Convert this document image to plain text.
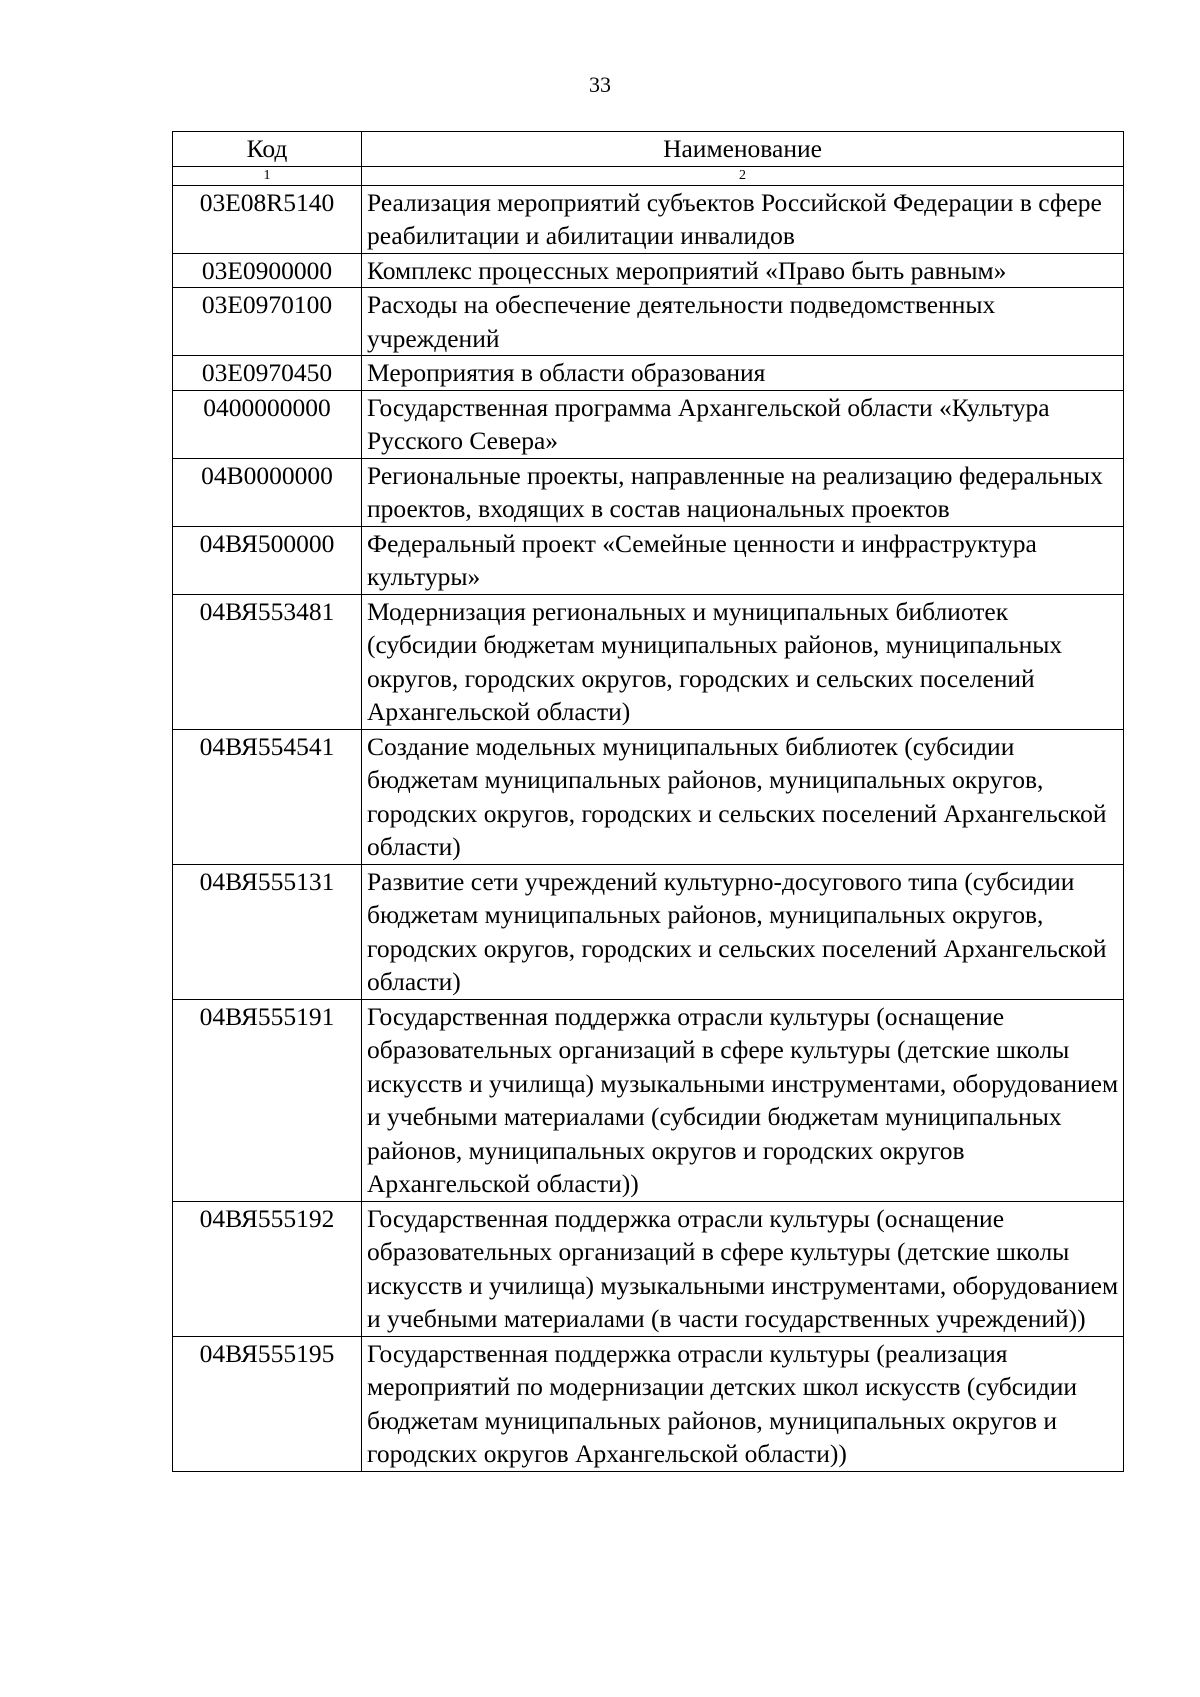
33
Код	Наименование
1	2
03Е08R5140	Реализация мероприятий субъектов Российской Федерации в сфере реабилитации и абилитации инвалидов
03Е0900000	Комплекс процессных мероприятий «Право быть равным»
03Е0970100	Расходы на обеспечение деятельности подведомственных учреждений
03Е0970450	Мероприятия в области образования
0400000000	Государственная программа Архангельской области «Культура Русского Севера»
04В0000000	Региональные проекты, направленные на реализацию федеральных проектов, входящих в состав национальных проектов
04ВЯ500000	Федеральный проект «Семейные ценности и инфраструктура культуры»
04ВЯ553481	Модернизация региональных и муниципальных библиотек (субсидии бюджетам муниципальных районов, муниципальных округов, городских округов, городских и сельских поселений Архангельской области)
04ВЯ554541	Создание модельных муниципальных библиотек (субсидии бюджетам муниципальных районов, муниципальных округов, городских округов, городских и сельских поселений Архангельской области)
04ВЯ555131	Развитие сети учреждений культурно-досугового типа (субсидии бюджетам муниципальных районов, муниципальных округов, городских округов, городских и сельских поселений Архангельской области)
04ВЯ555191	Государственная поддержка отрасли культуры (оснащение образовательных организаций в сфере культуры (детские школы искусств и училища) музыкальными инструментами, оборудованием и учебными материалами (субсидии бюджетам муниципальных районов, муниципальных округов и городских округов Архангельской области))
04ВЯ555192	Государственная поддержка отрасли культуры (оснащение образовательных организаций в сфере культуры (детские школы искусств и училища) музыкальными инструментами, оборудованием и учебными материалами (в части государственных учреждений))
04ВЯ555195	Государственная поддержка отрасли культуры (реализация мероприятий по модернизации детских школ искусств (субсидии бюджетам муниципальных районов, муниципальных округов и городских округов Архангельской области))
